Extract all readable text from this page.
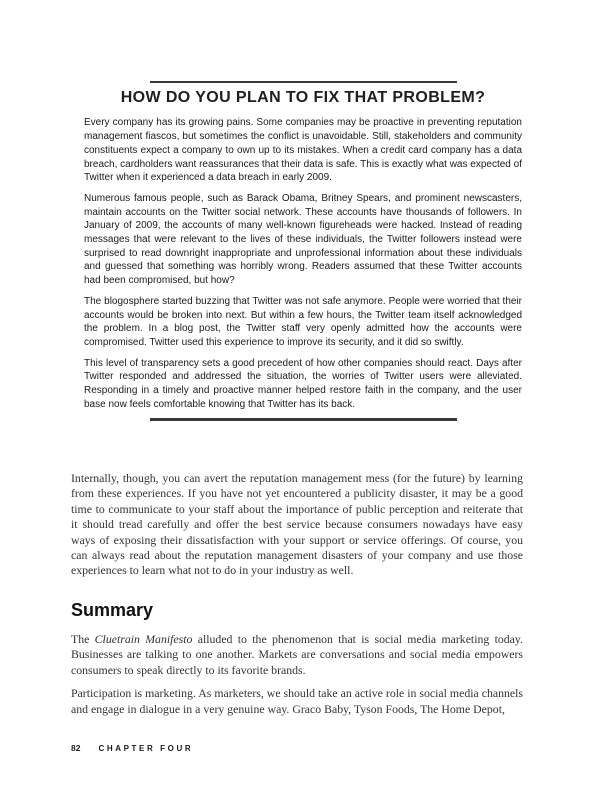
HOW DO YOU PLAN TO FIX THAT PROBLEM?

Every company has its growing pains. Some companies may be proactive in preventing reputation management fiascos, but sometimes the conflict is unavoidable. Still, stakeholders and community constituents expect a company to own up to its mistakes. When a credit card company has a data breach, cardholders want reassurances that their data is safe. This is exactly what was expected of Twitter when it experienced a data breach in early 2009.

Numerous famous people, such as Barack Obama, Britney Spears, and prominent newscasters, maintain accounts on the Twitter social network. These accounts have thousands of followers. In January of 2009, the accounts of many well-known figureheads were hacked. Instead of reading messages that were relevant to the lives of these individuals, the Twitter followers instead were surprised to read downright inappropriate and unprofessional information about these individuals and guessed that something was horribly wrong. Readers assumed that these Twitter accounts had been compromised, but how?

The blogosphere started buzzing that Twitter was not safe anymore. People were worried that their accounts would be broken into next. But within a few hours, the Twitter team itself acknowledged the problem. In a blog post, the Twitter staff very openly admitted how the accounts were compromised. Twitter used this experience to improve its security, and it did so swiftly.

This level of transparency sets a good precedent of how other companies should react. Days after Twitter responded and addressed the situation, the worries of Twitter users were alleviated. Responding in a timely and proactive manner helped restore faith in the company, and the user base now feels comfortable knowing that Twitter has its back.

Internally, though, you can avert the reputation management mess (for the future) by learning from these experiences. If you have not yet encountered a publicity disaster, it may be a good time to communicate to your staff about the importance of public perception and reiterate that it should tread carefully and offer the best service because consumers nowadays have easy ways of exposing their dissatisfaction with your support or service offerings. Of course, you can always read about the reputation management disasters of your company and use those experiences to learn what not to do in your industry as well.

Summary

The Cluetrain Manifesto alluded to the phenomenon that is social media marketing today. Businesses are talking to one another. Markets are conversations and social media empowers consumers to speak directly to its favorite brands.

Participation is marketing. As marketers, we should take an active role in social media channels and engage in dialogue in a very genuine way. Graco Baby, Tyson Foods, The Home Depot,

82 CHAPTER FOUR
